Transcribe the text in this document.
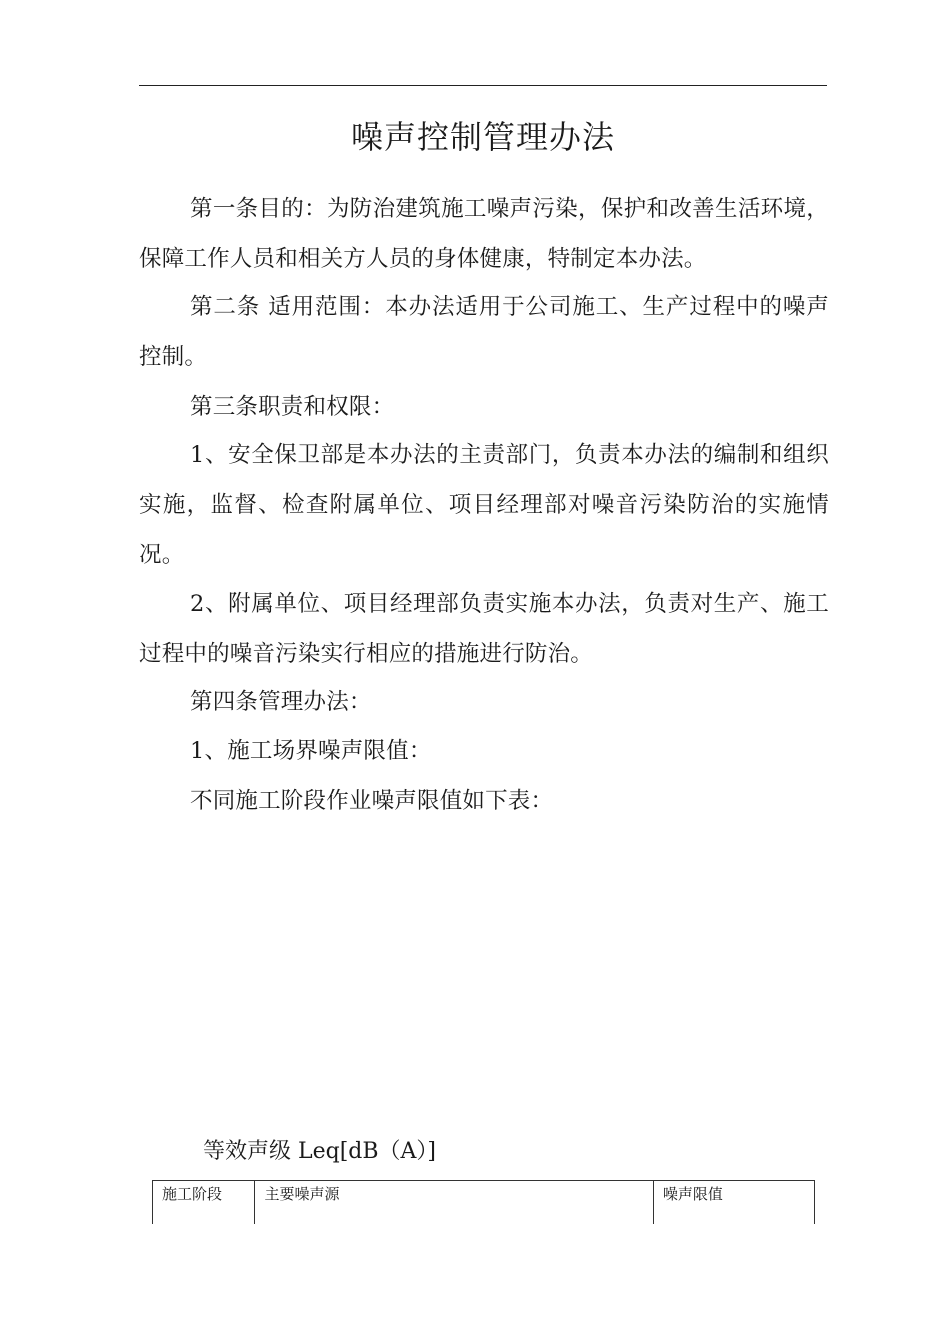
噪声控制管理办法

第一条目的：为防治建筑施工噪声污染，保护和改善生活环境，保障工作人员和相关方人员的身体健康，特制定本办法。

第二条 适用范围：本办法适用于公司施工、生产过程中的噪声控制。

第三条职责和权限：

1、安全保卫部是本办法的主责部门，负责本办法的编制和组织实施，监督、检查附属单位、项目经理部对噪音污染防治的实施情况。

2、附属单位、项目经理部负责实施本办法，负责对生产、施工过程中的噪音污染实行相应的措施进行防治。

第四条管理办法：

1、施工场界噪声限值：

不同施工阶段作业噪声限值如下表：

等效声级 Leq[dB（A）]

施工阶段	主要噪声源	噪声限值
